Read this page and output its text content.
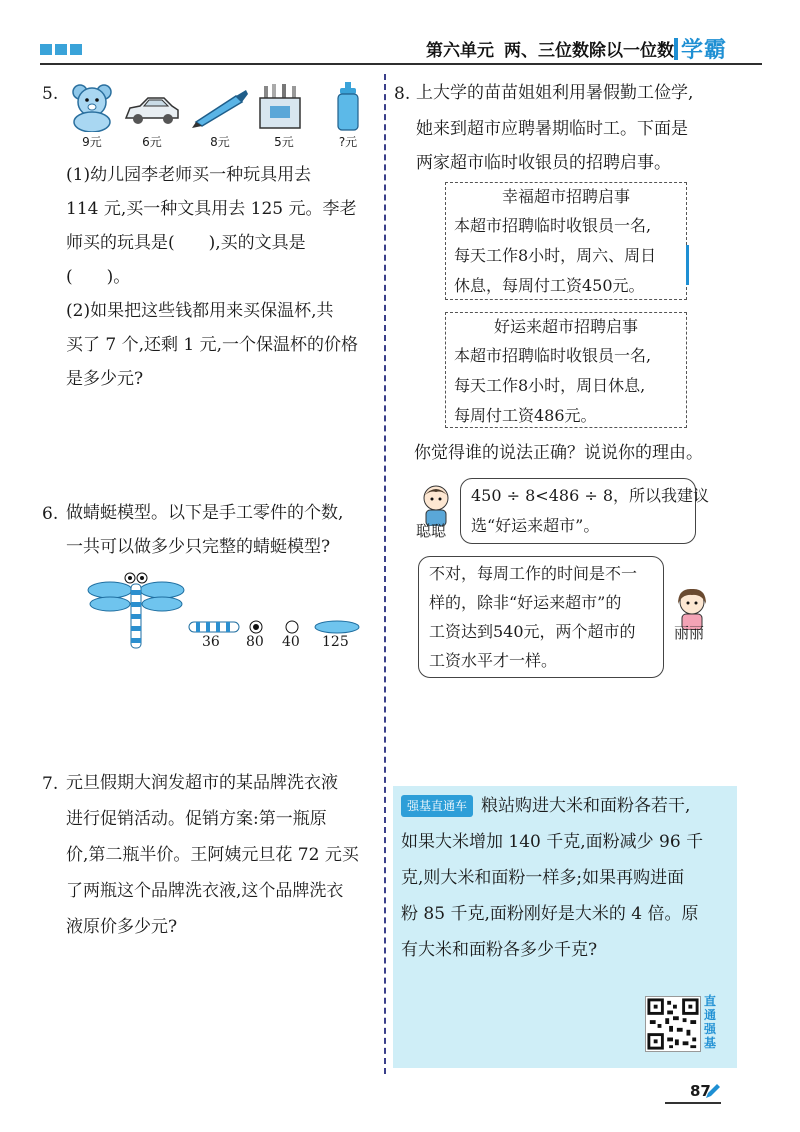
第六单元 两、三位数除以一位数 学霸
5.
9元	6元	8元	5元	?元
(1)幼儿园李老师买一种玩具用去
114 元,买一种文具用去 125 元。李老
师买的玩具是(　　),买的文具是
(　　)。
(2)如果把这些钱都用来买保温杯,共
买了 7 个,还剩 1 元,一个保温杯的价格
是多少元?
6. 做蜻蜓模型。以下是手工零件的个数,
一共可以做多少只完整的蜻蜓模型?
36 80 40 125
7. 元旦假期大润发超市的某品牌洗衣液
进行促销活动。促销方案:第一瓶原
价,第二瓶半价。王阿姨元旦花 72 元买
了两瓶这个品牌洗衣液,这个品牌洗衣
液原价多少元?
8. 上大学的苗苗姐姐利用暑假勤工俭学,
她来到超市应聘暑期临时工。下面是
两家超市临时收银员的招聘启事。
幸福超市招聘启事
本超市招聘临时收银员一名,
每天工作8小时，周六、周日
休息，每周付工资450元。
好运来超市招聘启事
本超市招聘临时收银员一名,
每天工作8小时，周日休息,
每周付工资486元。
你觉得谁的说法正确？说说你的理由。
聪聪
450 ÷ 8<486 ÷ 8，所以我建议
选“好运来超市”。
不对，每周工作的时间是不一
样的，除非“好运来超市”的
工资达到540元，两个超市的
工资水平才一样。
丽丽
强基直通车 粮站购进大米和面粉各若干,
如果大米增加 140 千克,面粉减少 96 千
克,则大米和面粉一样多;如果再购进面
粉 85 千克,面粉刚好是大米的 4 倍。原
有大米和面粉各多少千克?
直通强基
87
